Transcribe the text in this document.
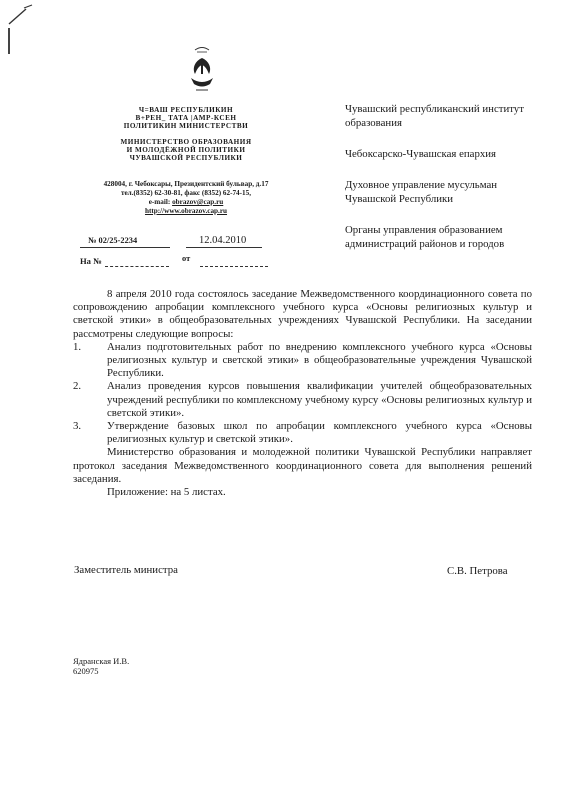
Ч=ВАШ РЕСПУБЛИКИН
В+РЕН_ ТАТА |АМР-КСЕН
ПОЛИТИКИН МИНИСТЕРСТВИ
МИНИСТЕРСТВО ОБРАЗОВАНИЯ
И МОЛОДЁЖНОЙ ПОЛИТИКИ
ЧУВАШСКОЙ РЕСПУБЛИКИ
428004, г. Чебоксары, Президентский бульвар, д.17
тел.(8352) 62-30-81, факс (8352) 62-74-15,
e-mail: obrazov@cap.ru
http://www.obrazov.cap.ru
№ 02/25-2234	12.04.2010
На №	от
Чувашский республиканский институт образования
Чебоксарско-Чувашская епархия
Духовное управление мусульман Чувашской Республики
Органы управления образованием администраций районов и городов

8 апреля 2010 года состоялось заседание Межведомственного координационного совета по сопровождению апробации комплексного учебного курса «Основы религиозных культур и светской этики» в общеобразовательных учреждениях Чувашской Республики. На заседании рассмотрены следующие вопросы:

1.	Анализ подготовительных работ по внедрению комплексного учебного курса «Основы религиозных культур и светской этики» в общеобразовательные учреждения Чувашской Республики.
2.	Анализ проведения курсов повышения квалификации учителей общеобразовательных учреждений республики по комплексному учебному курсу «Основы религиозных культур и светской этики».
3.	Утверждение базовых школ по апробации комплексного учебного курса «Основы религиозных культур и светской этики».

Министерство образования и молодежной политики Чувашской Республики направляет протокол заседания Межведомственного координационного совета для выполнения решений заседания.

Приложение: на 5 листах.

Заместитель министра	С.В. Петрова
Ядранская И.В.
620975
